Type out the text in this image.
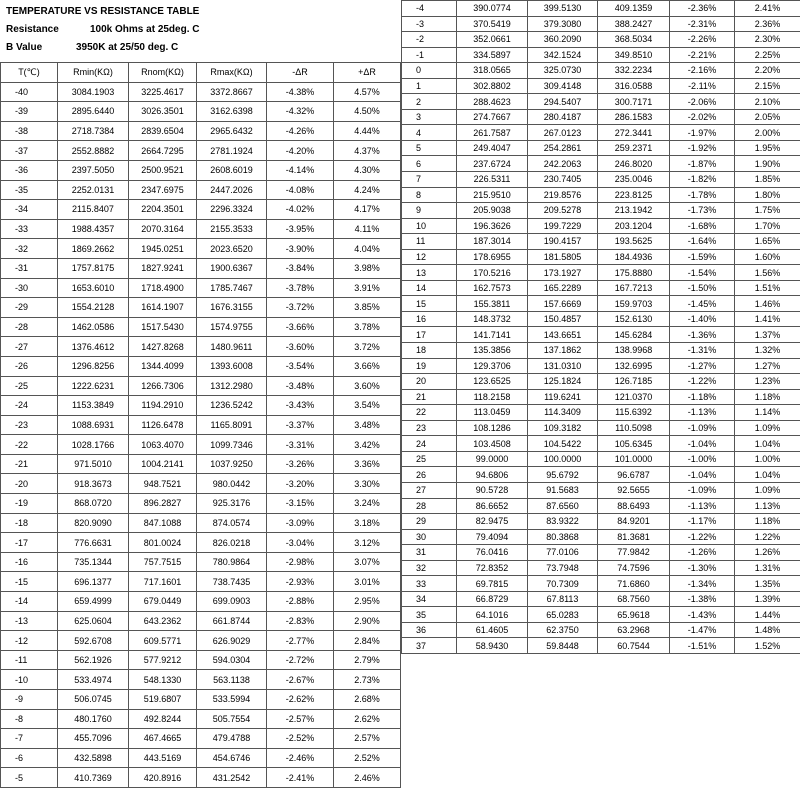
TEMPERATURE VS RESISTANCE TABLE
Resistance	100k Ohms at 25deg. C
B Value	3950K at 25/50 deg. C
T(℃)	Rmin(KΩ)	Rnom(KΩ)	Rmax(KΩ)	-ΔR	+ΔR
-40	3084.1903	3225.4617	3372.8667	-4.38%	4.57%
-39	2895.6440	3026.3501	3162.6398	-4.32%	4.50%
-38	2718.7384	2839.6504	2965.6432	-4.26%	4.44%
-37	2552.8882	2664.7295	2781.1924	-4.20%	4.37%
-36	2397.5050	2500.9521	2608.6019	-4.14%	4.30%
-35	2252.0131	2347.6975	2447.2026	-4.08%	4.24%
-34	2115.8407	2204.3501	2296.3324	-4.02%	4.17%
-33	1988.4357	2070.3164	2155.3533	-3.95%	4.11%
-32	1869.2662	1945.0251	2023.6520	-3.90%	4.04%
-31	1757.8175	1827.9241	1900.6367	-3.84%	3.98%
-30	1653.6010	1718.4900	1785.7467	-3.78%	3.91%
-29	1554.2128	1614.1907	1676.3155	-3.72%	3.85%
-28	1462.0586	1517.5430	1574.9755	-3.66%	3.78%
-27	1376.4612	1427.8268	1480.9611	-3.60%	3.72%
-26	1296.8256	1344.4099	1393.6008	-3.54%	3.66%
-25	1222.6231	1266.7306	1312.2980	-3.48%	3.60%
-24	1153.3849	1194.2910	1236.5242	-3.43%	3.54%
-23	1088.6931	1126.6478	1165.8091	-3.37%	3.48%
-22	1028.1766	1063.4070	1099.7346	-3.31%	3.42%
-21	971.5010	1004.2141	1037.9250	-3.26%	3.36%
-20	918.3673	948.7521	980.0442	-3.20%	3.30%
-19	868.0720	896.2827	925.3176	-3.15%	3.24%
-18	820.9090	847.1088	874.0574	-3.09%	3.18%
-17	776.6631	801.0024	826.0218	-3.04%	3.12%
-16	735.1344	757.7515	780.9864	-2.98%	3.07%
-15	696.1377	717.1601	738.7435	-2.93%	3.01%
-14	659.4999	679.0449	699.0903	-2.88%	2.95%
-13	625.0604	643.2362	661.8744	-2.83%	2.90%
-12	592.6708	609.5771	626.9029	-2.77%	2.84%
-11	562.1926	577.9212	594.0304	-2.72%	2.79%
-10	533.4974	548.1330	563.1138	-2.67%	2.73%
-9	506.0745	519.6807	533.5994	-2.62%	2.68%
-8	480.1760	492.8244	505.7554	-2.57%	2.62%
-7	455.7096	467.4665	479.4788	-2.52%	2.57%
-6	432.5898	443.5169	454.6746	-2.46%	2.52%
-5	410.7369	420.8916	431.2542	-2.41%	2.46%
-4	390.0774	399.5130	409.1359	-2.36%	2.41%
-3	370.5419	379.3080	388.2427	-2.31%	2.36%
-2	352.0661	360.2090	368.5034	-2.26%	2.30%
-1	334.5897	342.1524	349.8510	-2.21%	2.25%
0	318.0565	325.0730	332.2234	-2.16%	2.20%
1	302.8802	309.4148	316.0588	-2.11%	2.15%
2	288.4623	294.5407	300.7171	-2.06%	2.10%
3	274.7667	280.4187	286.1583	-2.02%	2.05%
4	261.7587	267.0123	272.3441	-1.97%	2.00%
5	249.4047	254.2861	259.2371	-1.92%	1.95%
6	237.6724	242.2063	246.8020	-1.87%	1.90%
7	226.5311	230.7405	235.0046	-1.82%	1.85%
8	215.9510	219.8576	223.8125	-1.78%	1.80%
9	205.9038	209.5278	213.1942	-1.73%	1.75%
10	196.3626	199.7229	203.1204	-1.68%	1.70%
11	187.3014	190.4157	193.5625	-1.64%	1.65%
12	178.6955	181.5805	184.4936	-1.59%	1.60%
13	170.5216	173.1927	175.8880	-1.54%	1.56%
14	162.7573	165.2289	167.7213	-1.50%	1.51%
15	155.3811	157.6669	159.9703	-1.45%	1.46%
16	148.3732	150.4857	152.6130	-1.40%	1.41%
17	141.7141	143.6651	145.6284	-1.36%	1.37%
18	135.3856	137.1862	138.9968	-1.31%	1.32%
19	129.3706	131.0310	132.6995	-1.27%	1.27%
20	123.6525	125.1824	126.7185	-1.22%	1.23%
21	118.2158	119.6241	121.0370	-1.18%	1.18%
22	113.0459	114.3409	115.6392	-1.13%	1.14%
23	108.1286	109.3182	110.5098	-1.09%	1.09%
24	103.4508	104.5422	105.6345	-1.04%	1.04%
25	99.0000	100.0000	101.0000	-1.00%	1.00%
26	94.6806	95.6792	96.6787	-1.04%	1.04%
27	90.5728	91.5683	92.5655	-1.09%	1.09%
28	86.6652	87.6560	88.6493	-1.13%	1.13%
29	82.9475	83.9322	84.9201	-1.17%	1.18%
30	79.4094	80.3868	81.3681	-1.22%	1.22%
31	76.0416	77.0106	77.9842	-1.26%	1.26%
32	72.8352	73.7948	74.7596	-1.30%	1.31%
33	69.7815	70.7309	71.6860	-1.34%	1.35%
34	66.8729	67.8113	68.7560	-1.38%	1.39%
35	64.1016	65.0283	65.9618	-1.43%	1.44%
36	61.4605	62.3750	63.2968	-1.47%	1.48%
37	58.9430	59.8448	60.7544	-1.51%	1.52%
